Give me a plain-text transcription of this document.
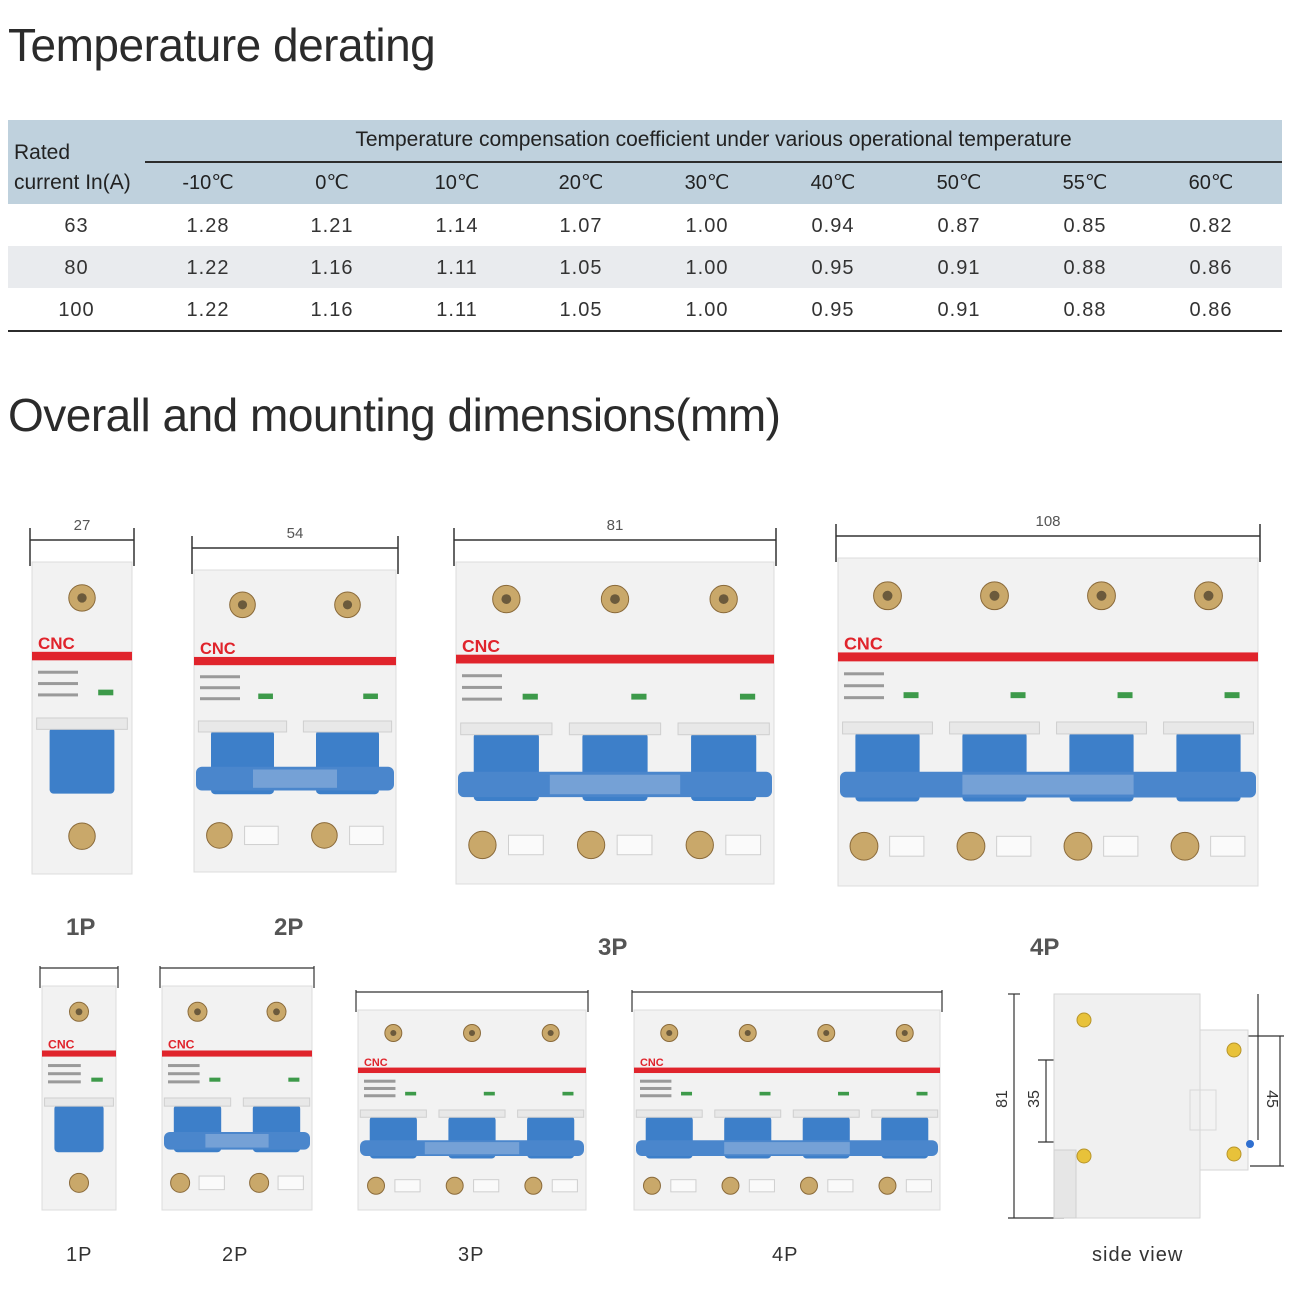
Temperature derating
Rated
current In(A)
Temperature compensation coefficient under various operational temperature
-10℃	0℃	10℃	20℃	30℃	40℃	50℃	55℃	60℃
63	1.28	1.21	1.14	1.07	1.00	0.94	0.87	0.85	0.82
80	1.22	1.16	1.11	1.05	1.00	0.95	0.91	0.88	0.86
100	1.22	1.16	1.11	1.05	1.00	0.95	0.91	0.88	0.86
Overall and mounting dimensions(mm)
27
CNC
54
CNC
81
CNC
108
CNC
1P	2P
3P	4P
CNC	CNC
CNC	CNC
81 35	45
1P	2P	3P	4P	side view
